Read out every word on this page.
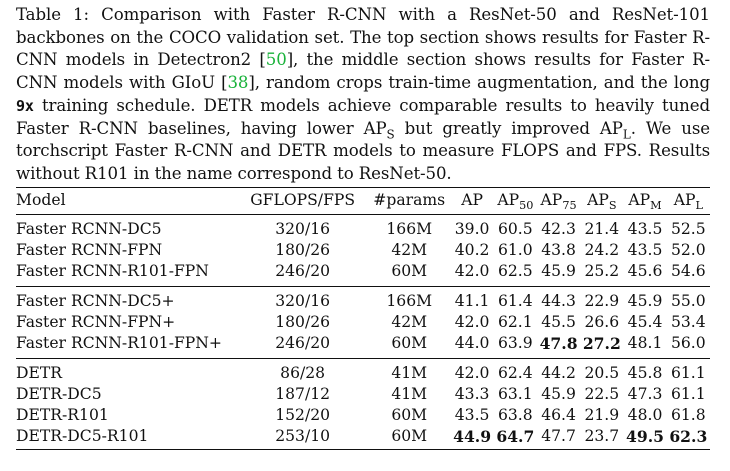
Table 1: Comparison with Faster R-CNN with a ResNet-50 and ResNet-101 backbones on the COCO validation set. The top section shows results for Faster R-CNN models in Detectron2 [50], the middle section shows results for Faster R-CNN models with GIoU [38], random crops train-time augmentation, and the long 9x training schedule. DETR models achieve comparable results to heavily tuned Faster R-CNN baselines, having lower $AP_S$ but greatly improved $AP_L$. We use torchscript Faster R-CNN and DETR models to measure FLOPS and FPS. Results without R101 in the name correspond to ResNet-50.
Model	GFLOPS/FPS	#params	AP	$AP_{50}$	$AP_{75}$	$AP_S$	$AP_M$	$AP_L$
Faster RCNN-DC5	320/16	166M	39.0	60.5	42.3	21.4	43.5	52.5
Faster RCNN-FPN	180/26	42M	40.2	61.0	43.8	24.2	43.5	52.0
Faster RCNN-R101-FPN	246/20	60M	42.0	62.5	45.9	25.2	45.6	54.6
Faster RCNN-DC5+	320/16	166M	41.1	61.4	44.3	22.9	45.9	55.0
Faster RCNN-FPN+	180/26	42M	42.0	62.1	45.5	26.6	45.4	53.4
Faster RCNN-R101-FPN+	246/20	60M	44.0	63.9	47.8	27.2	48.1	56.0
DETR	86/28	41M	42.0	62.4	44.2	20.5	45.8	61.1
DETR-DC5	187/12	41M	43.3	63.1	45.9	22.5	47.3	61.1
DETR-R101	152/20	60M	43.5	63.8	46.4	21.9	48.0	61.8
DETR-DC5-R101	253/10	60M	44.9	64.7	47.7	23.7	49.5	62.3
